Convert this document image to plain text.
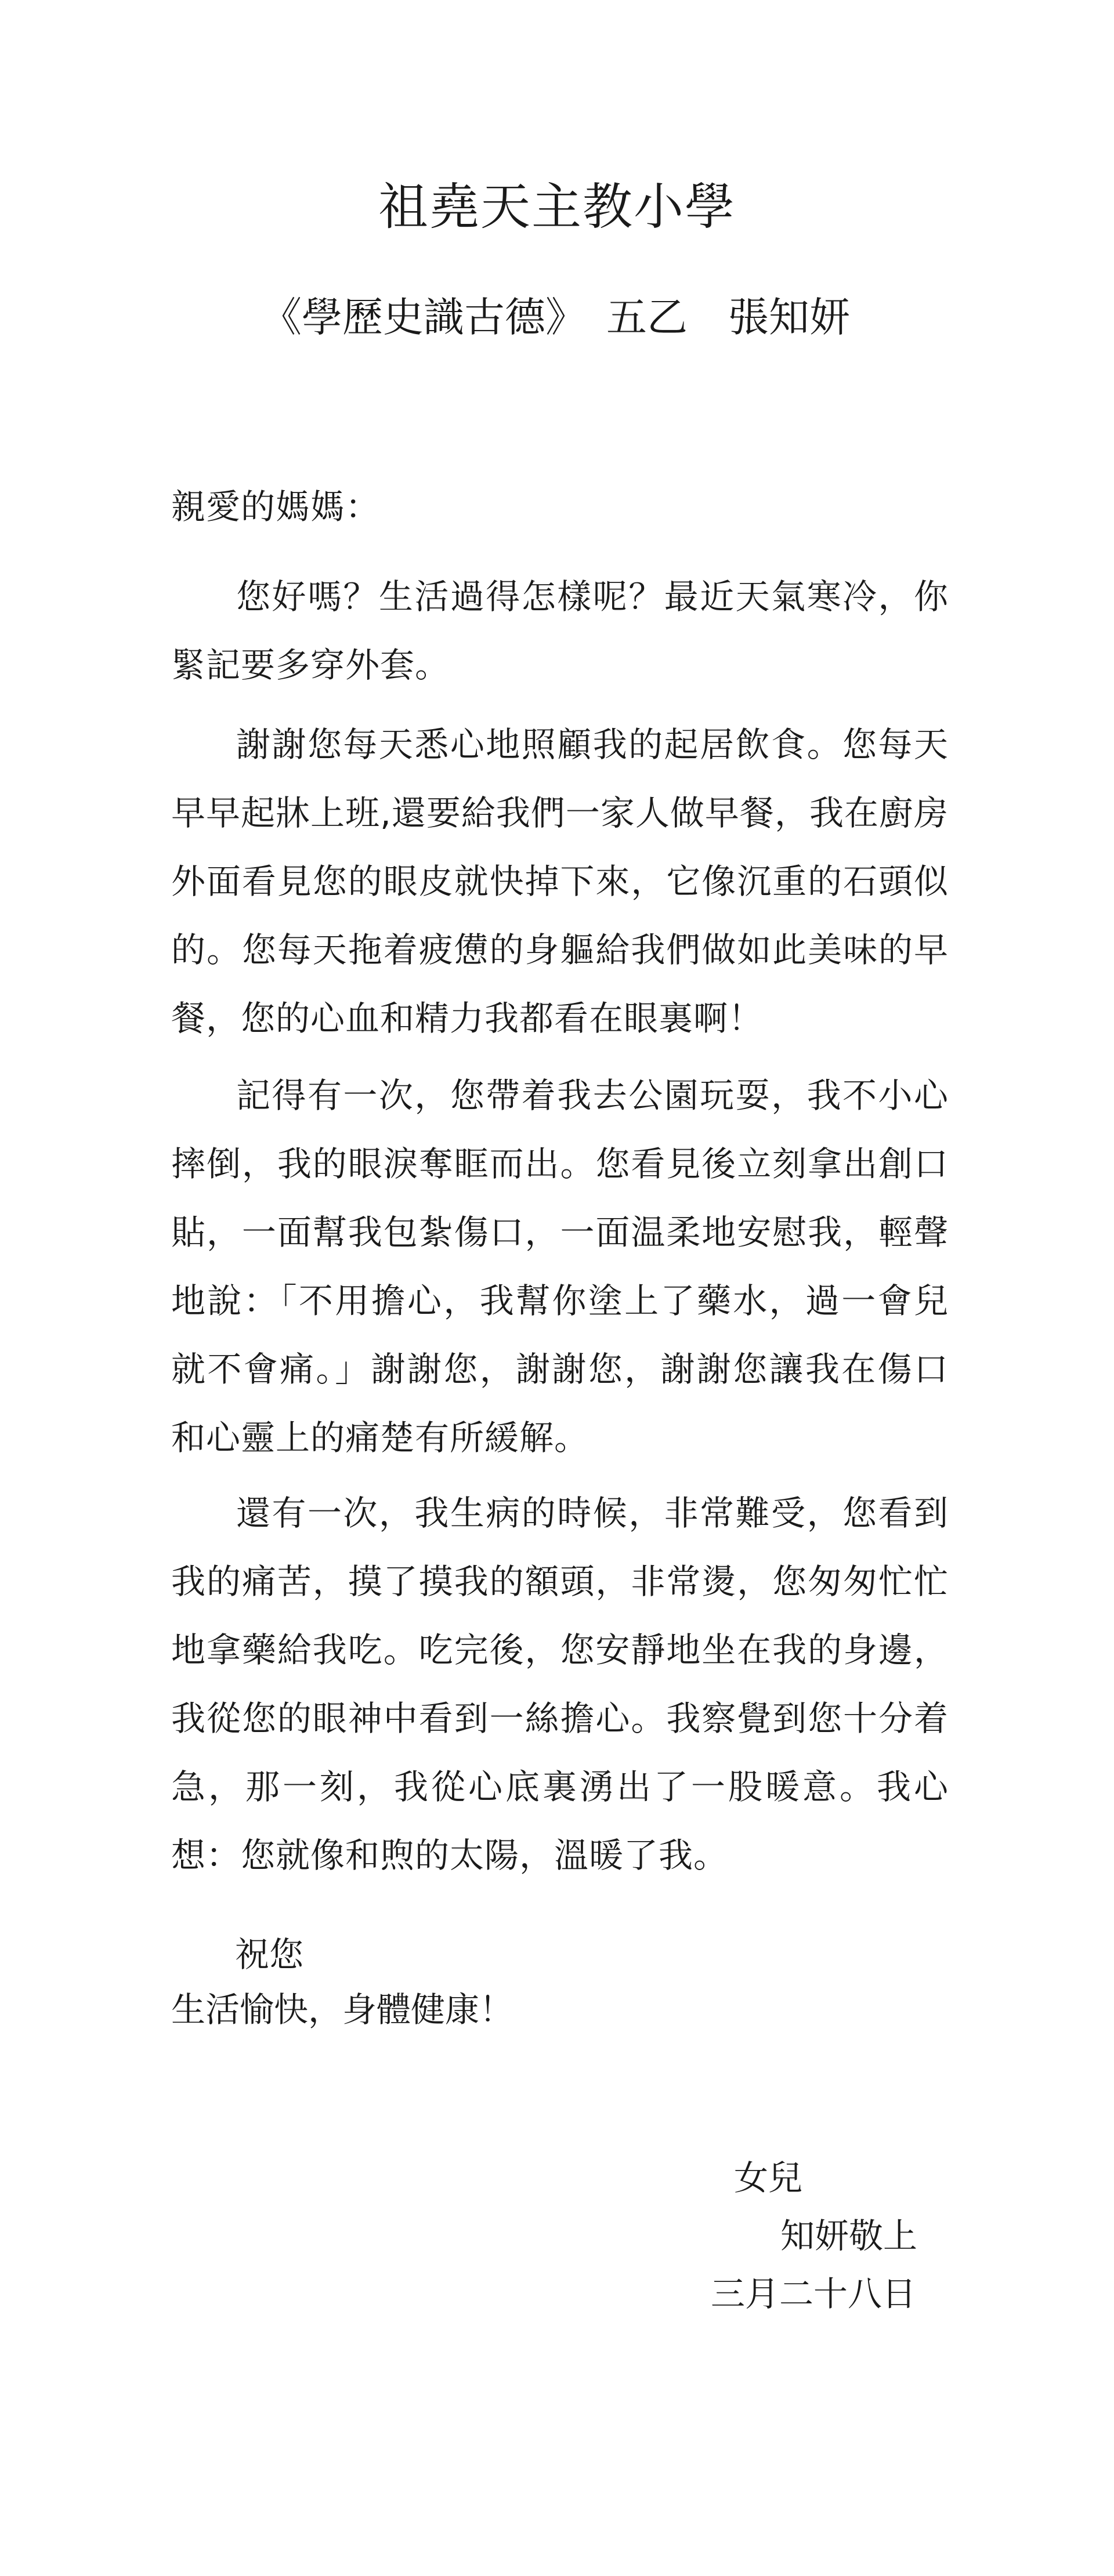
祖堯天主教小學
《學歷史識古德》　五乙　張知妍
親愛的媽媽：

您好嗎？生活過得怎樣呢？最近天氣寒冷，你緊記要多穿外套。

謝謝您每天悉心地照顧我的起居飲食。您每天早早起牀上班,還要給我們一家人做早餐，我在廚房外面看見您的眼皮就快掉下來，它像沉重的石頭似的。您每天拖着疲憊的身軀給我們做如此美味的早餐，您的心血和精力我都看在眼裏啊！

記得有一次，您帶着我去公園玩耍，我不小心摔倒，我的眼淚奪眶而出。您看見後立刻拿出創口貼，一面幫我包紮傷口，一面温柔地安慰我，輕聲地說：「不用擔心，我幫你塗上了藥水，過一會兒就不會痛。」謝謝您，謝謝您，謝謝您讓我在傷口和心靈上的痛楚有所緩解。

還有一次，我生病的時候，非常難受，您看到我的痛苦，摸了摸我的額頭，非常燙，您匆匆忙忙地拿藥給我吃。吃完後，您安靜地坐在我的身邊，我從您的眼神中看到一絲擔心。我察覺到您十分着急，那一刻，我從心底裏湧出了一股暖意。我心想：您就像和煦的太陽，溫暖了我。

祝您
生活愉快，身體健康！
女兒
知妍敬上
三月二十八日
